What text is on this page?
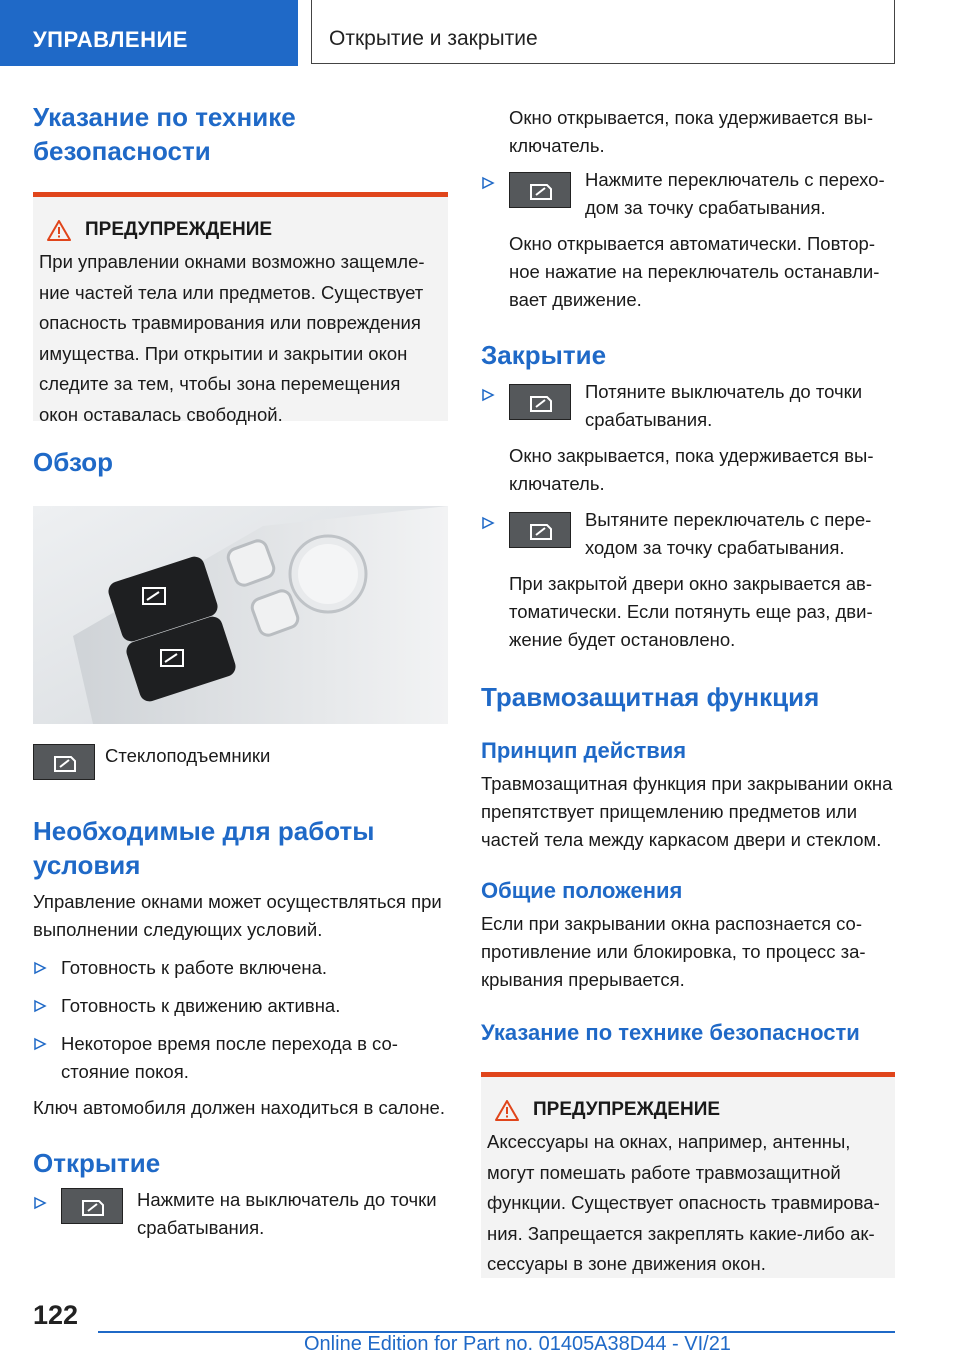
УПРАВЛЕНИЕ	Открытие и закрытие
Указание по технике безопасности
ПРЕДУПРЕЖДЕНИЕ
При управлении окнами возможно защемление частей тела или предметов. Существует опасность травмирования или повреждения имущества. При открытии и закрытии окон следите за тем, чтобы зона перемещения окон оставалась свободной.
Обзор
Стеклоподъемники
Необходимые для работы условия

Управление окнами может осуществляться при выполнении следующих условий.

Готовность к работе включена.
Готовность к движению активна.
Некоторое время после перехода в состояние покоя.

Ключ автомобиля должен находиться в салоне.

Открытие
Нажмите на выключатель до точки срабатывания.

Окно открывается, пока удерживается выключатель.

Нажмите переключатель с переходом за точку срабатывания.

Окно открывается автоматически. Повторное нажатие на переключатель останавливает движение.

Закрытие
Потяните выключатель до точки срабатывания.

Окно закрывается, пока удерживается выключатель.

Вытяните переключатель с переходом за точку срабатывания.

При закрытой двери окно закрывается автоматически. Если потянуть еще раз, движение будет остановлено.

Травмозащитная функция
Принцип действия

Травмозащитная функция при закрывании окна препятствует прищемлению предметов или частей тела между каркасом двери и стеклом.

Общие положения

Если при закрывании окна распознается сопротивление или блокировка, то процесс закрывания прерывается.

Указание по технике безопасности
ПРЕДУПРЕЖДЕНИЕ
Аксессуары на окнах, например, антенны, могут помешать работе травмозащитной функции. Существует опасность травмирования. Запрещается закреплять какие-либо аксессуары в зоне движения окон.
122
Online Edition for Part no. 01405A38D44 - VI/21
